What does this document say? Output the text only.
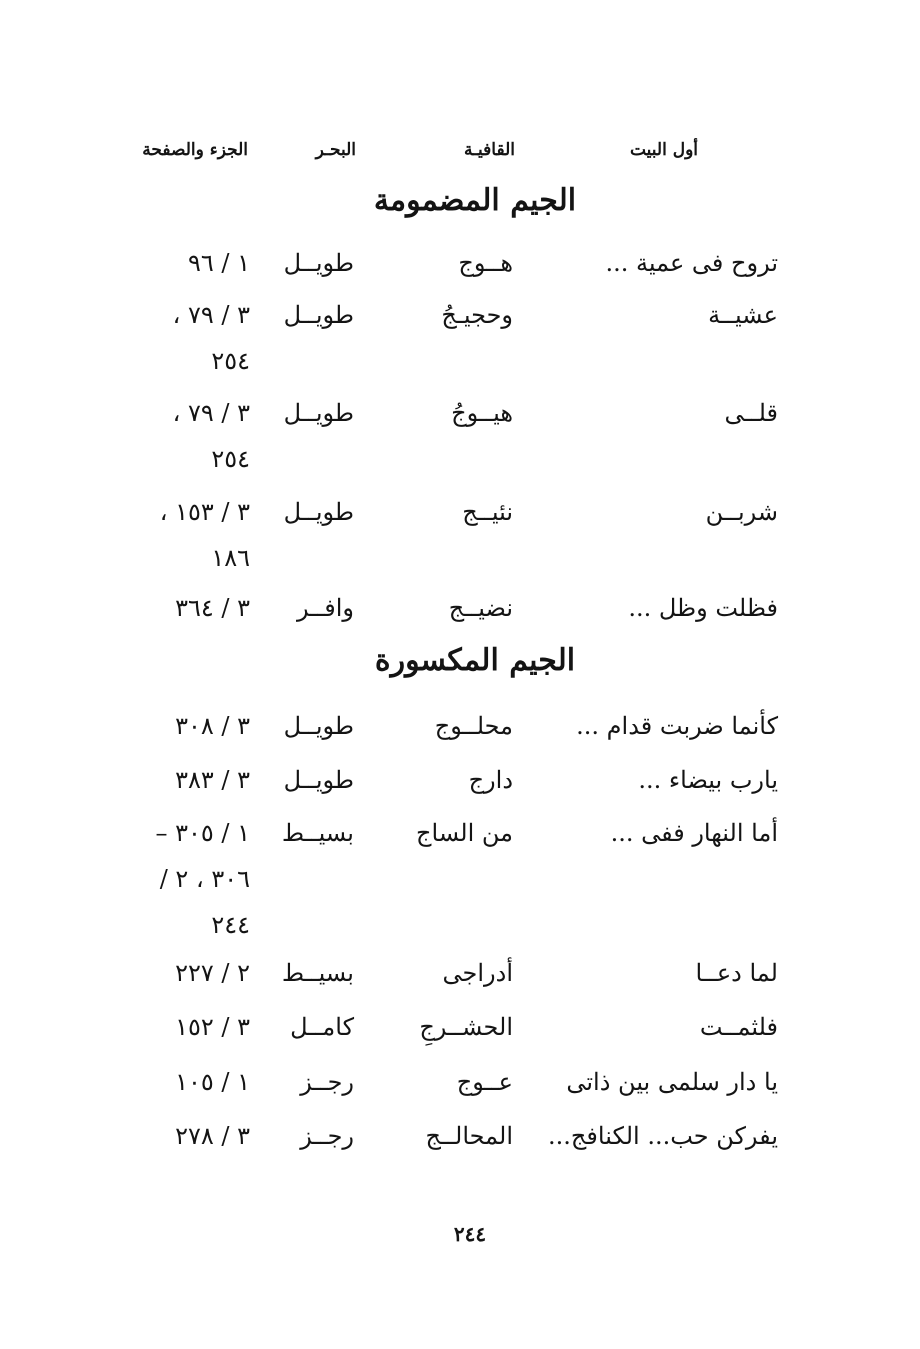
أول البيت
القافيـة
البحـر
الجزء والصفحة
الجيم المضمومة
تروح فى عمية ...
هــوج
طويــل
١ / ٩٦
عشيــة
وحجيـجُ
طويــل
٣ / ٧٩ ،
٢٥٤
قلــى
هيــوجُ
طويــل
٣ / ٧٩ ،
٢٥٤
شربــن
نئيــج
طويــل
٣ / ١٥٣ ،
١٨٦
فظلت وظل ...
نضيــج
وافــر
٣ / ٣٦٤
الجيم المكسورة
كأنما ضربت قدام ...
محلــوج
طويــل
٣ / ٣٠٨
يارب بيضاء ...
دارج
طويــل
٣ / ٣٨٣
أما النهار ففى ...
من الساج
بسيــط
١ / ٣٠٥ –
٣٠٦ ، ٢ /
٢٤٤
لما دعــا
أدراجى
بسيــط
٢ / ٢٢٧
فلثمــت
الحشــرجِ
كامــل
٣ / ١٥٢
يا دار سلمى بين ذاتى
عــوج
رجــز
١ / ١٠٥
يفركن حب... الكنافج...
المحالــج
رجــز
٣ / ٢٧٨
٢٤٤
